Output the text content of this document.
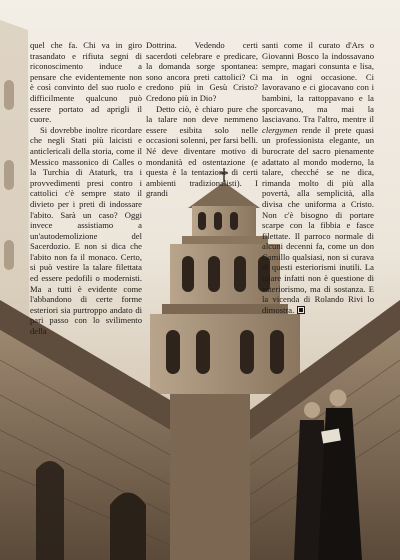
quel che fa. Chi va in giro trasandato e rifiuta segni di riconoscimento induce a pensare che evidentemente non è così convinto del suo ruolo e difficilmente qualcuno può essere portato ad aprigli il cuore.

Si dovrebbe inoltre ricordare che negli Stati più laicisti e anticlericali della storia, come il Messico massonico di Calles o la Turchia di Ataturk, tra i provvedimenti presi contro i cattolici c'è sempre stato il divieto per i preti di indossare l'abito. Sarà un caso? Oggi invece assistiamo a un'autodemolizione del Sacerdozio. E non si dica che l'abito non fa il monaco. Certo, si può vestire la talare filettata ed essere pedofili o modernisti. Ma a tutti è evidente come l'abbandono di certe forme esteriori sia purtroppo andato di pari passo con lo svilimento della

Dottrina. Vedendo certi sacerdoti celebrare e predicare, la domanda sorge spontanea: sono ancora preti cattolici? Ci credono più in Gesù Cristo? Credono più in Dio?

Detto ciò, è chiaro pure che la talare non deve nemmeno essere esibita solo nelle occasioni solenni, per farsi belli. Né deve diventare motivo di mondanità ed ostentazione (e questa è la tentazione di certi ambienti tradizionalisti). I grandi

santi come il curato d'Ars o Giovanni Bosco la indossavano sempre, magari consunta e lisa, ma in ogni occasione. Ci lavoravano e ci giocavano con i bambini, la rattoppavano e la sporcavano, ma mai la lasciavano. Tra l'altro, mentre il clergymen rende il prete quasi un professionista elegante, un burocrate del sacro pienamente adattato al mondo moderno, la talare, checché se ne dica, rimanda molto di più alla povertà, alla semplicità, alla divisa che uniforma a Cristo. Non c'è bisogno di portare scarpe con la fibbia e fasce filettate. Il parroco normale di alcuni decenni fa, come un don Camillo qualsiasi, non si curava di questi esteriorismi inutili. La talare infatti non è questione di esteriorismo, ma di sostanza. E la vicenda di Rolando Rivi lo dimostra.
